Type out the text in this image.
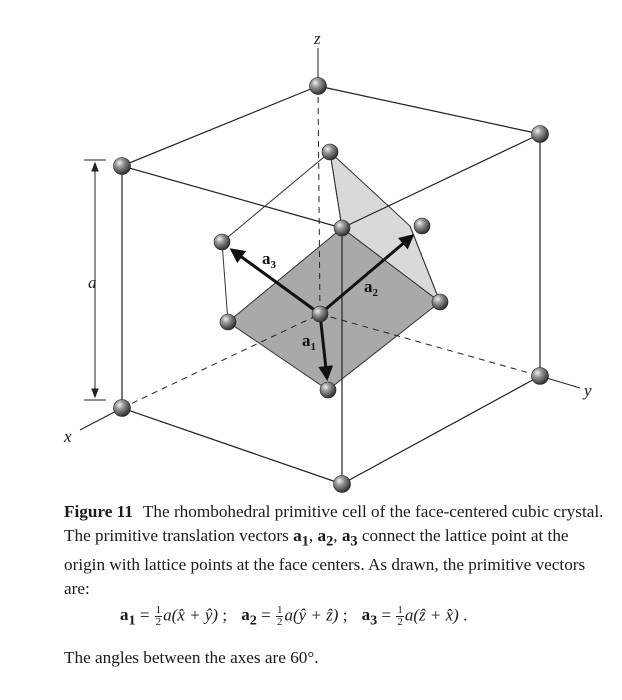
z
x
y
a
$a_1$
$a_2$
$a_3$
Figure 11 The rhombohedral primitive cell of the face-centered cubic crystal. The primitive translation vectors $a_1$, $a_2$, $a_3$ connect the lattice point at the origin with lattice points at the face centers. As drawn, the primitive vectors are:
$a_1 = \frac{1}{2}$ a(x̂ + ŷ) ; $a_2 = \frac{1}{2}$ a(ŷ + ẑ) ; $a_3 = \frac{1}{2}$ a(ẑ + x̂) .
The angles between the axes are 60°.
